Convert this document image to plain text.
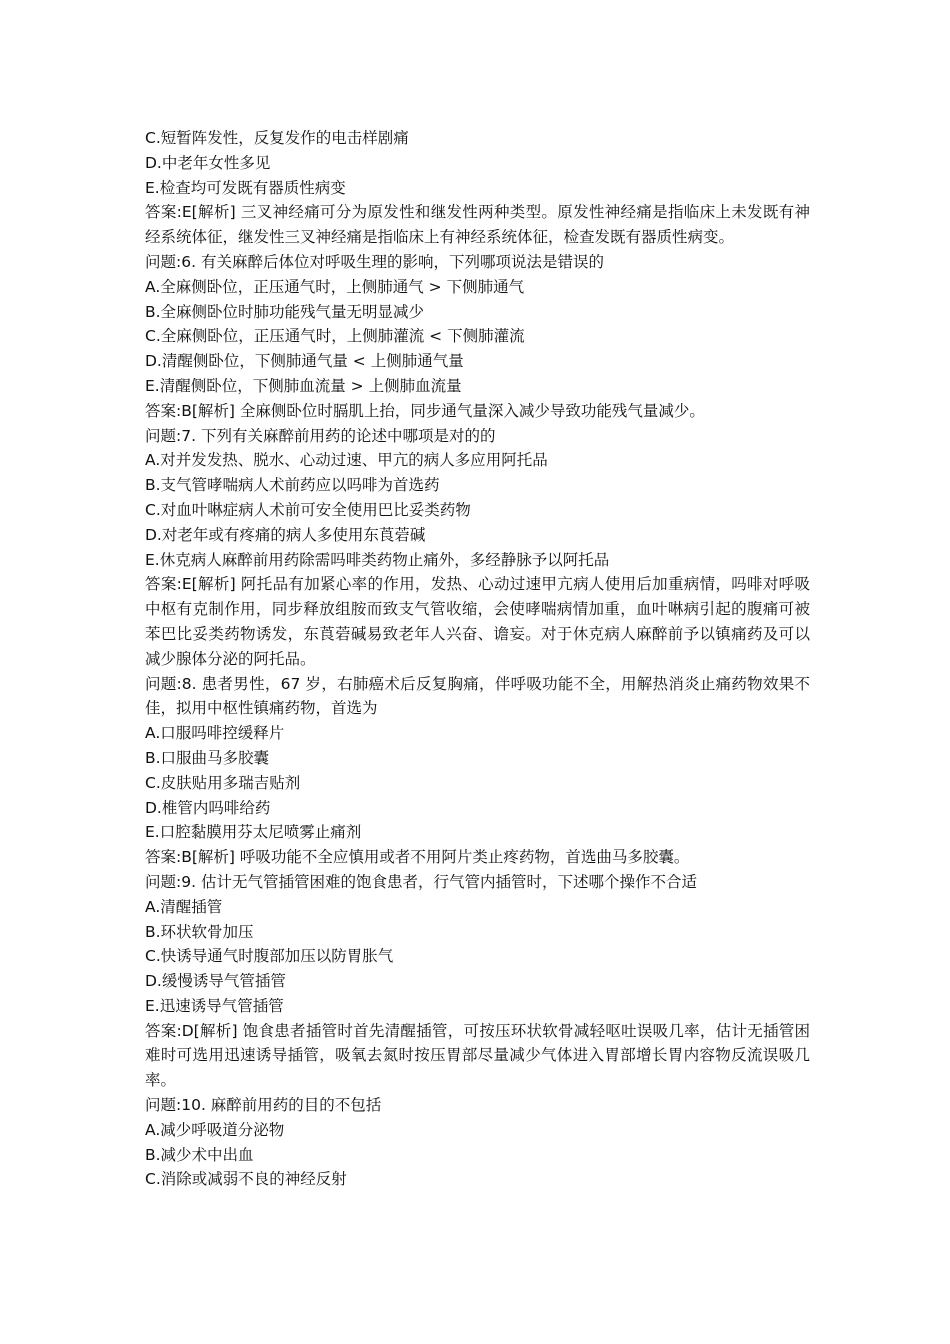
C.短暂阵发性，反复发作的电击样剧痛
D.中老年女性多见
E.检查均可发既有器质性病变
答案:E[解析] 三叉神经痛可分为原发性和继发性两种类型。原发性神经痛是指临床上未发既有神经系统体征，继发性三叉神经痛是指临床上有神经系统体征，检查发既有器质性病变。
问题:6. 有关麻醉后体位对呼吸生理的影响，下列哪项说法是错误的
A.全麻侧卧位，正压通气时，上侧肺通气 > 下侧肺通气
B.全麻侧卧位时肺功能残气量无明显减少
C.全麻侧卧位，正压通气时，上侧肺灌流 < 下侧肺灌流
D.清醒侧卧位，下侧肺通气量 < 上侧肺通气量
E.清醒侧卧位，下侧肺血流量 > 上侧肺血流量
答案:B[解析] 全麻侧卧位时膈肌上抬，同步通气量深入减少导致功能残气量减少。
问题:7. 下列有关麻醉前用药的论述中哪项是对的的
A.对并发发热、脱水、心动过速、甲亢的病人多应用阿托品
B.支气管哮喘病人术前药应以吗啡为首选药
C.对血叶啉症病人术前可安全使用巴比妥类药物
D.对老年或有疼痛的病人多使用东莨菪碱
E.休克病人麻醉前用药除需吗啡类药物止痛外，多经静脉予以阿托品
答案:E[解析] 阿托品有加紧心率的作用，发热、心动过速甲亢病人使用后加重病情，吗啡对呼吸中枢有克制作用，同步释放组胺而致支气管收缩，会使哮喘病情加重，血叶啉病引起的腹痛可被苯巴比妥类药物诱发，东莨菪碱易致老年人兴奋、谵妄。对于休克病人麻醉前予以镇痛药及可以减少腺体分泌的阿托品。
问题:8. 患者男性，67 岁，右肺癌术后反复胸痛，伴呼吸功能不全，用解热消炎止痛药物效果不佳，拟用中枢性镇痛药物，首选为
A.口服吗啡控缓释片
B.口服曲马多胶囊
C.皮肤贴用多瑞吉贴剂
D.椎管内吗啡给药
E.口腔黏膜用芬太尼喷雾止痛剂
答案:B[解析] 呼吸功能不全应慎用或者不用阿片类止疼药物，首选曲马多胶囊。
问题:9. 估计无气管插管困难的饱食患者，行气管内插管时，下述哪个操作不合适
A.清醒插管
B.环状软骨加压
C.快诱导通气时腹部加压以防胃胀气
D.缓慢诱导气管插管
E.迅速诱导气管插管
答案:D[解析] 饱食患者插管时首先清醒插管，可按压环状软骨减轻呕吐误吸几率，估计无插管困难时可选用迅速诱导插管，吸氧去氮时按压胃部尽量减少气体进入胃部增长胃内容物反流误吸几率。
问题:10. 麻醉前用药的目的不包括
A.减少呼吸道分泌物
B.减少术中出血
C.消除或减弱不良的神经反射
